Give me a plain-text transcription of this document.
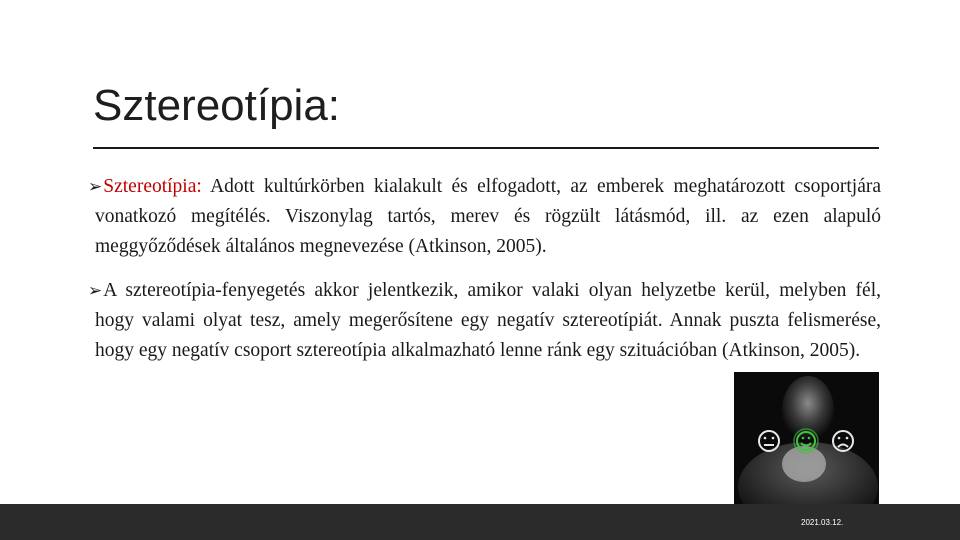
Sztereotípia:
➢Sztereotípia: Adott kultúrkörben kialakult és elfogadott, az emberek meghatározott csoportjára vonatkozó megítélés. Viszonylag tartós, merev és rögzült látásmód, ill. az ezen alapuló meggyőződések általános megnevezése (Atkinson, 2005).
➢A sztereotípia-fenyegetés akkor jelentkezik, amikor valaki olyan helyzetbe kerül, melyben fél, hogy valami olyat tesz, amely megerősítene egy negatív sztereotípiát. Annak puszta felismerése, hogy egy negatív csoport sztereotípia alkalmazható lenne ránk egy szituációban (Atkinson, 2005).
2021.03.12.
